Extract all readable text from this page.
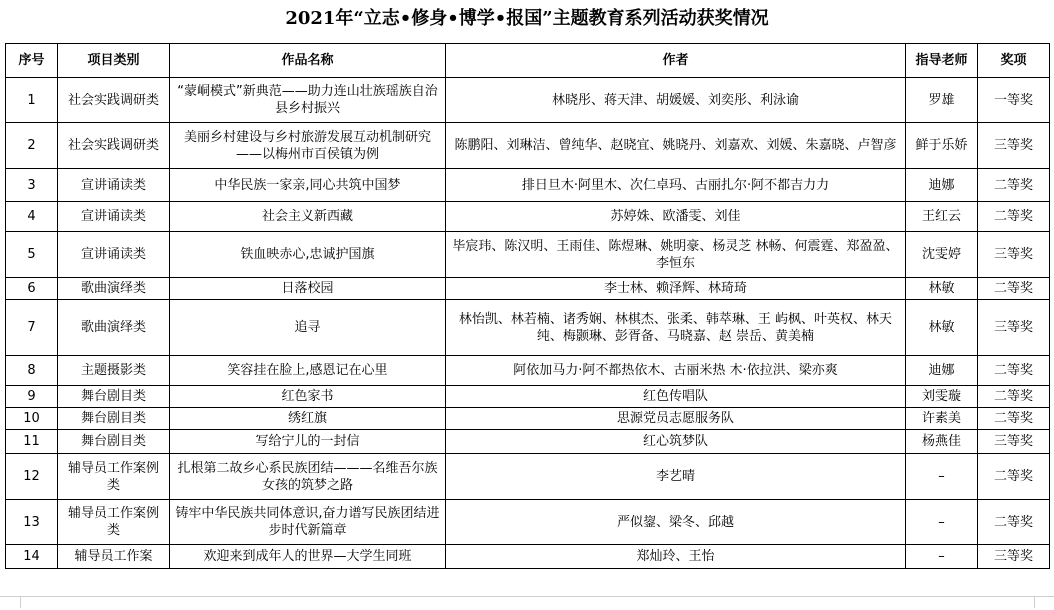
2021年“立志•修身•博学•报国”主题教育系列活动获奖情况
序号	项目类别	作品名称	作者	指导老师	奖项
1	社会实践调研类	“蒙峒模式”新典范——助力连山壮族瑶族自治县乡村振兴	林晓彤、蒋天津、胡媛媛、刘奕彤、利泳谕	罗雄	一等奖
2	社会实践调研类	美丽乡村建设与乡村旅游发展互动机制研究——以梅州市百侯镇为例	陈鹏阳、刘琳洁、曾纯华、赵晓宜、姚晓丹、刘嘉欢、刘媛、朱嘉晓、卢智彦	鲜于乐娇	三等奖
3	宣讲诵读类	中华民族一家亲,同心共筑中国梦	排日旦木·阿里木、次仁卓玛、古丽扎尔·阿不都吉力力	迪娜	二等奖
4	宣讲诵读类	社会主义新西藏	苏婷姝、欧潘雯、刘佳	王红云	二等奖
5	宣讲诵读类	铁血映赤心,忠诚护国旗	毕宸玮、陈汉明、王雨佳、陈煜琳、姚明豪、杨灵芝 林畅、何震霆、郑盈盈、李恒东	沈雯婷	三等奖
6	歌曲演绎类	日落校园	李士林、赖泽辉、林琦琦	林敏	二等奖
7	歌曲演绎类	追寻	林怡凯、林若楠、诸秀娴、林棋杰、张柔、韩萃琳、王 屿枫、叶英权、林天纯、梅颢琳、彭胥备、马晓嘉、赵 崇岳、黄美楠	林敏	三等奖
8	主题摄影类	笑容挂在脸上,感恩记在心里	阿依加马力·阿不都热依木、古丽米热 木·依拉洪、梁亦爽	迪娜	二等奖
9	舞台剧目类	红色家书	红色传唱队	刘雯璇	二等奖
10	舞台剧目类	绣红旗	思源党员志愿服务队	许素美	二等奖
11	舞台剧目类	写给宁儿的一封信	红心筑梦队	杨燕佳	三等奖
12	辅导员工作案例类	扎根第二故乡心系民族团结———名维吾尔族女孩的筑梦之路	李艺晴	–	二等奖
13	辅导员工作案例类	铸牢中华民族共同体意识,奋力谱写民族团结进步时代新篇章	严似鋆、梁冬、邱越	–	二等奖
14	辅导员工作案	欢迎来到成年人的世界—大学生同班	郑灿玲、王怡	–	三等奖
